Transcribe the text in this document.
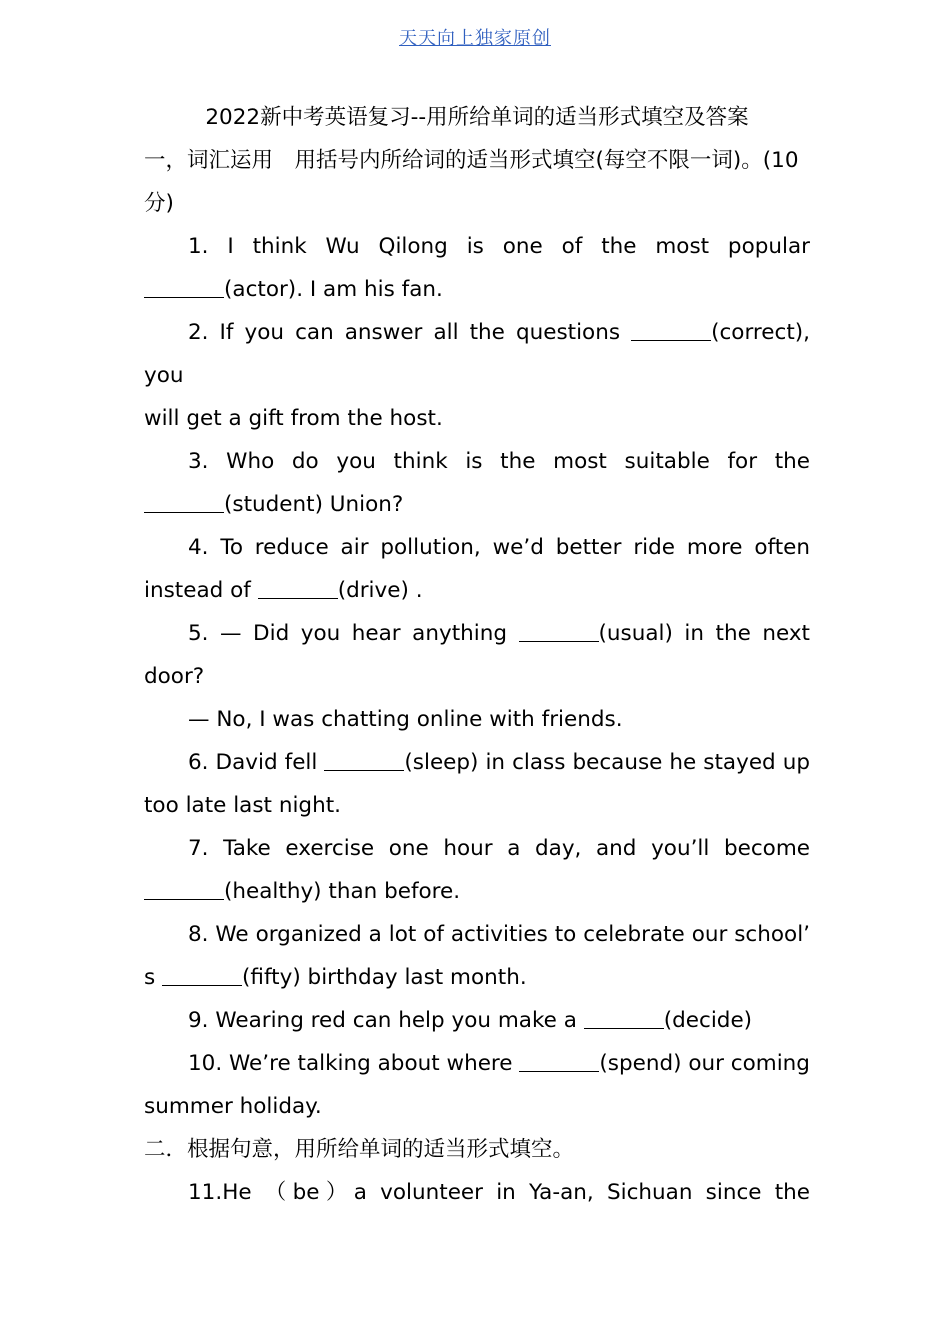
天天向上独家原创
2022新中考英语复习--用所给单词的适当形式填空及答案
一，词汇运用　用括号内所给词的适当形式填空(每空不限一词)。(10分)
1. I think Wu Qilong is one of the most popular
(actor). I am his fan.
2. If you can answer all the questions	(correct), you
will get a gift from the host.
3. Who do you think is the most suitable for the
(student) Union?
4. To reduce air pollution, we’d better ride more often
instead of	(drive) .
5. — Did you hear anything	(usual) in the next
door?
— No, I was chatting online with friends.
6. David fell	(sleep) in class because he stayed up
too late last night.
7. Take exercise one hour a day, and you’ll become
(healthy) than before.
8. We organized a lot of activities to celebrate our school’
s	(fifty) birthday last month.
9. Wearing red can help you make a	(decide)
10. We’re talking about where	(spend) our coming
summer holiday.
二．根据句意，用所给单词的适当形式填空。
11.He （be）a volunteer in Ya-an, Sichuan since the
